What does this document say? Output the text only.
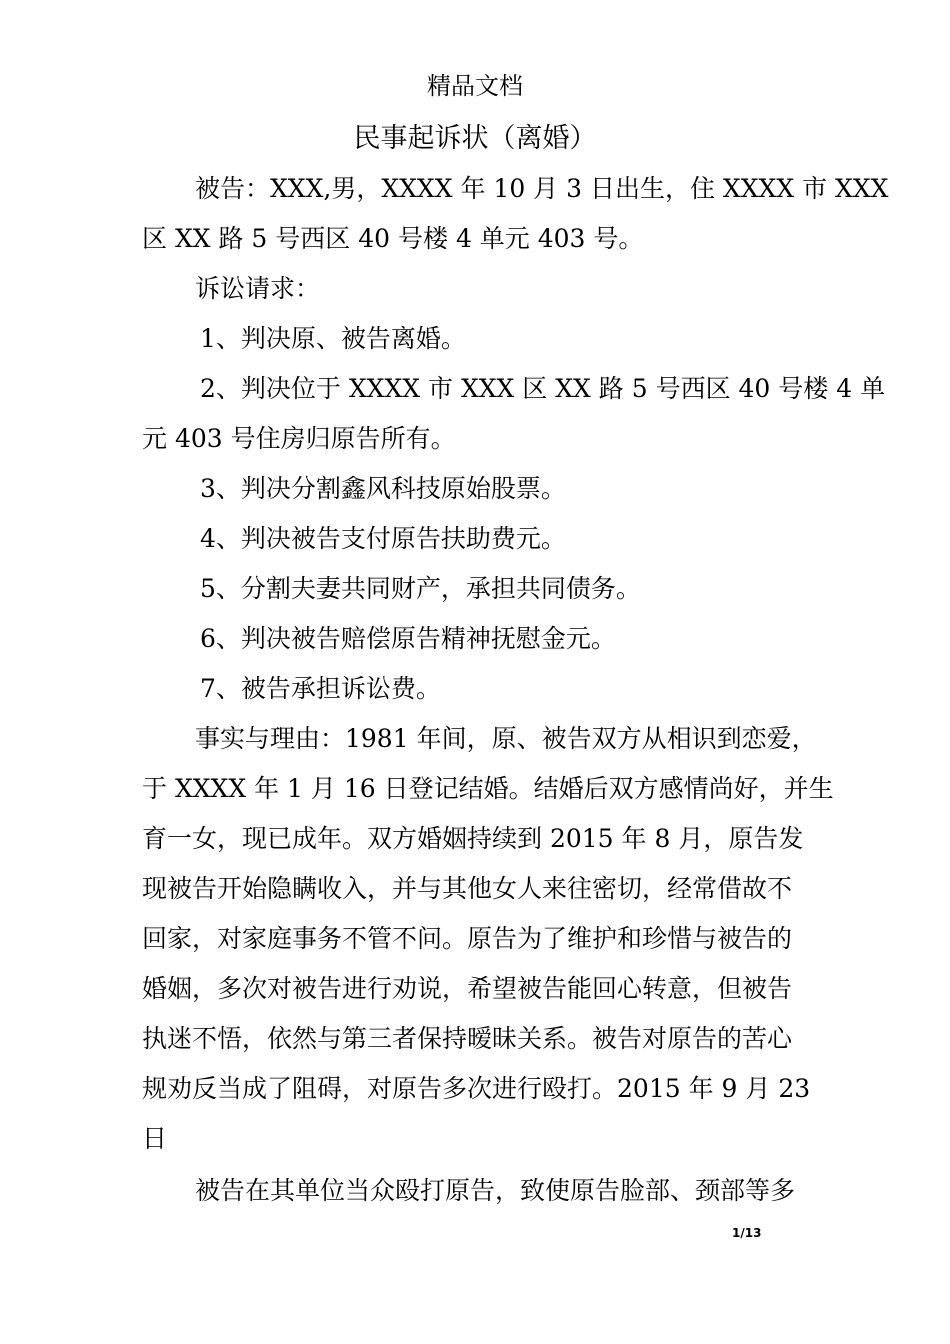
精品文档
民事起诉状（离婚）
被告：XXX,男，XXXX 年 10 月 3 日出生，住 XXXX 市 XXX
区 XX 路 5 号西区 40 号楼 4 单元 403 号。
诉讼请求：
1、判决原、被告离婚。
2、判决位于 XXXX 市 XXX 区 XX 路 5 号西区 40 号楼 4 单
元 403 号住房归原告所有。
3、判决分割鑫风科技原始股票。
4、判决被告支付原告扶助费元。
5、分割夫妻共同财产，承担共同债务。
6、判决被告赔偿原告精神抚慰金元。
7、被告承担诉讼费。
事实与理由：1981 年间，原、被告双方从相识到恋爱，
于 XXXX 年 1 月 16 日登记结婚。结婚后双方感情尚好，并生
育一女，现已成年。双方婚姻持续到 2015 年 8 月，原告发
现被告开始隐瞒收入，并与其他女人来往密切，经常借故不
回家，对家庭事务不管不问。原告为了维护和珍惜与被告的
婚姻，多次对被告进行劝说，希望被告能回心转意，但被告
执迷不悟，依然与第三者保持暧昧关系。被告对原告的苦心
规劝反当成了阻碍，对原告多次进行殴打。2015 年 9 月 23
日
被告在其单位当众殴打原告，致使原告脸部、颈部等多
1/13
